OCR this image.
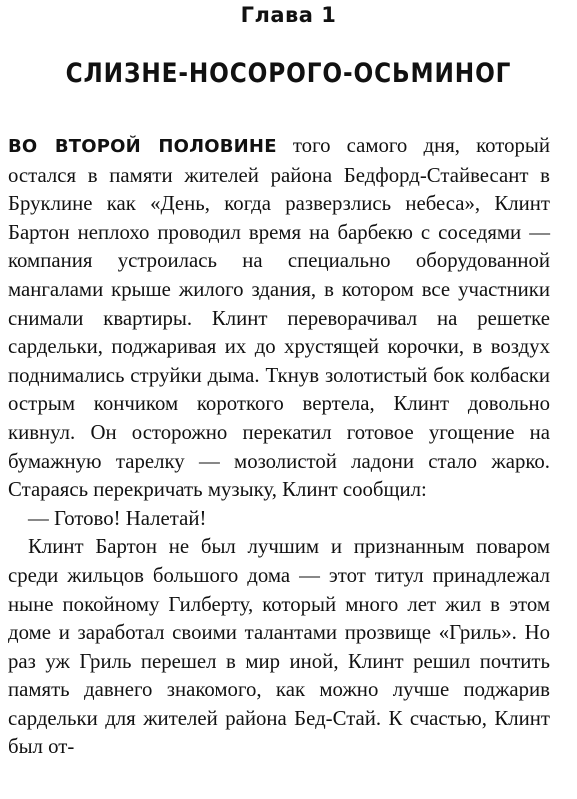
Глава 1
СЛИЗНЕ-НОСОРОГО-ОСЬМИНОГ

ВО ВТОРОЙ ПОЛОВИНЕ того самого дня, который остался в памяти жителей района Бедфорд-Стайвесант в Бруклине как «День, когда разверзлись небеса», Клинт Бартон неплохо проводил время на барбекю с соседями — компания устроилась на специально оборудованной мангалами крыше жилого здания, в котором все участники снимали квартиры. Клинт переворачивал на решетке сардельки, поджаривая их до хрустящей корочки, в воздух поднимались струйки дыма. Ткнув золотистый бок колбаски острым кончиком короткого вертела, Клинт довольно кивнул. Он осторожно перекатил готовое угощение на бумажную тарелку — мозолистой ладони стало жарко. Стараясь перекричать музыку, Клинт сообщил:

— Готово! Налетай!

Клинт Бартон не был лучшим и признанным поваром среди жильцов большого дома — этот титул принадлежал ныне покойному Гилберту, который много лет жил в этом доме и заработал своими талантами прозвище «Гриль». Но раз уж Гриль перешел в мир иной, Клинт решил почтить память давнего знакомого, как можно лучше поджарив сардельки для жителей района Бед-Стай. К счастью, Клинт был от-
